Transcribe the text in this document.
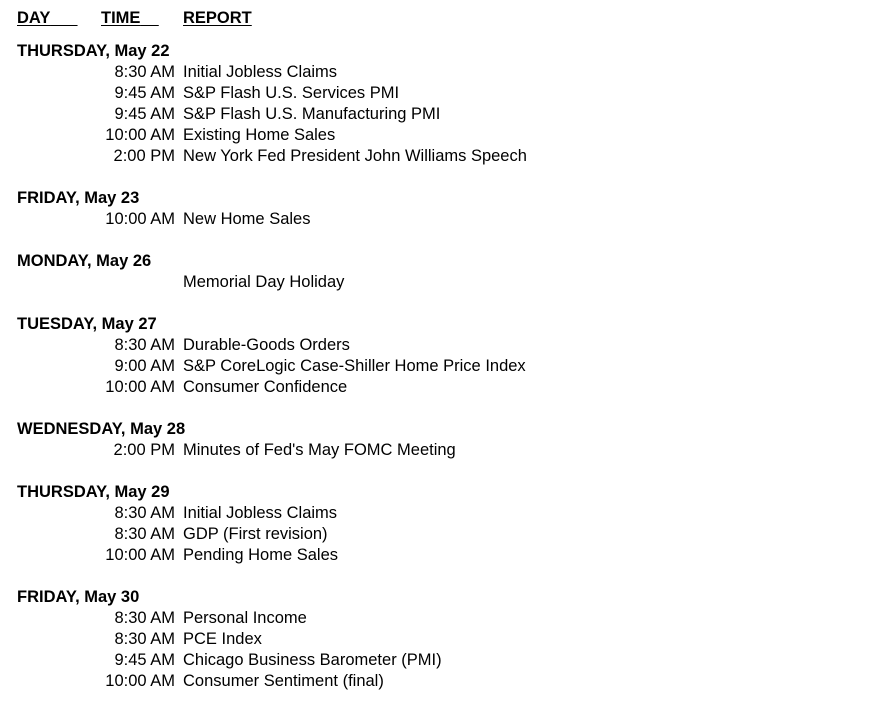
DAY	TIME	REPORT
THURSDAY, May 22
8:30 AM Initial Jobless Claims
9:45 AM S&P Flash U.S. Services PMI
9:45 AM S&P Flash U.S. Manufacturing PMI
10:00 AM Existing Home Sales
2:00 PM New York Fed President John Williams Speech
FRIDAY, May 23
10:00 AM New Home Sales
MONDAY, May 26
Memorial Day Holiday
TUESDAY, May 27
8:30 AM Durable-Goods Orders
9:00 AM S&P CoreLogic Case-Shiller Home Price Index
10:00 AM Consumer Confidence
WEDNESDAY, May 28
2:00 PM Minutes of Fed's May FOMC Meeting
THURSDAY, May 29
8:30 AM Initial Jobless Claims
8:30 AM GDP (First revision)
10:00 AM Pending Home Sales
FRIDAY, May 30
8:30 AM Personal Income
8:30 AM PCE Index
9:45 AM Chicago Business Barometer (PMI)
10:00 AM Consumer Sentiment (final)
